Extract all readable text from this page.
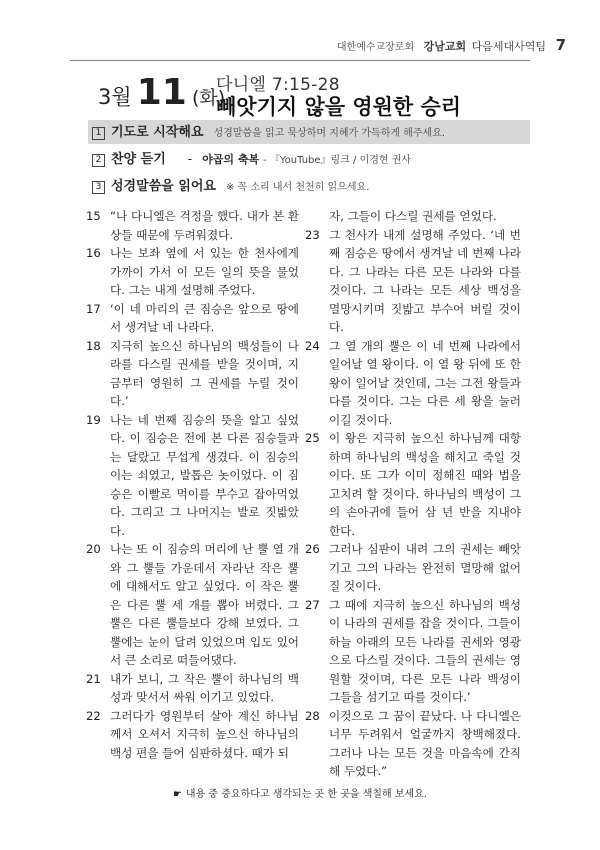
대한예수교장로회 강남교회 다음세대사역팀 7
3월 11 (화)
다니엘 7:15-28
빼앗기지 않을 영원한 승리
1 기도로 시작해요 성경말씀을 읽고 묵상하며 지혜가 가득하게 해주세요.
2 찬양 듣기 - 야곱의 축복 - 『YouTube』링크 / 이경현 권사
3 성경말씀을 읽어요 ※ 꼭 소리 내서 천천히 읽으세요.

15 “나 다니엘은 걱정을 했다. 내가 본 환상들 때문에 두려워졌다.

16 나는 보좌 옆에 서 있는 한 천사에게 가까이 가서 이 모든 일의 뜻을 물었다. 그는 내게 설명해 주었다.

17 ‘이 네 마리의 큰 짐승은 앞으로 땅에서 생겨날 네 나라다.

18 지극히 높으신 하나님의 백성들이 나라를 다스릴 권세를 받을 것이며, 지금부터 영원히 그 권세를 누릴 것이다.’

19 나는 네 번째 짐승의 뜻을 알고 싶었다. 이 짐승은 전에 본 다른 짐승들과는 달랐고 무섭게 생겼다. 이 짐승의 이는 쇠였고, 발톱은 놋이었다. 이 짐승은 이빨로 먹이를 부수고 잡아먹었다. 그리고 그 나머지는 발로 짓밟았다.

20 나는 또 이 짐승의 머리에 난 뿔 열 개와 그 뿔들 가운데서 자라난 작은 뿔에 대해서도 알고 싶었다. 이 작은 뿔은 다른 뿔 세 개를 뽑아 버렸다. 그 뿔은 다른 뿔들보다 강해 보였다. 그 뿔에는 눈이 달려 있었으며 입도 있어서 큰 소리로 떠들어댔다.

21 내가 보니, 그 작은 뿔이 하나님의 백성과 맞서서 싸워 이기고 있었다.

22 그러다가 영원부터 살아 계신 하나님께서 오셔서 지극히 높으신 하나님의 백성 편을 들어 심판하셨다. 때가 되

자, 그들이 다스릴 권세를 얻었다.

23 그 천사가 내게 설명해 주었다. ‘네 번째 짐승은 땅에서 생겨날 네 번째 나라다. 그 나라는 다른 모든 나라와 다를 것이다. 그 나라는 모든 세상 백성을 멸망시키며 짓밟고 부수어 버릴 것이다.

24 그 열 개의 뿔은 이 네 번째 나라에서 일어날 열 왕이다. 이 열 왕 뒤에 또 한 왕이 일어날 것인데, 그는 그전 왕들과 다를 것이다. 그는 다른 세 왕을 눌러 이길 것이다.

25 이 왕은 지극히 높으신 하나님께 대항하며 하나님의 백성을 해치고 죽일 것이다. 또 그가 이미 정해진 때와 법을 고치려 할 것이다. 하나님의 백성이 그의 손아귀에 들어 삼 년 반을 지내야 한다.

26 그러나 심판이 내려 그의 권세는 빼앗기고 그의 나라는 완전히 멸망해 없어질 것이다.

27 그 때에 지극히 높으신 하나님의 백성이 나라의 권세를 잡을 것이다. 그들이 하늘 아래의 모든 나라를 권세와 영광으로 다스릴 것이다. 그들의 권세는 영원할 것이며, 다른 모든 나라 백성이 그들을 섬기고 따를 것이다.’

28 이것으로 그 꿈이 끝났다. 나 다니엘은 너무 두려워서 얼굴까지 창백해졌다. 그러나 나는 모든 것을 마음속에 간직해 두었다.”

☛ 내용 중 중요하다고 생각되는 곳 한 곳을 색칠해 보세요.
